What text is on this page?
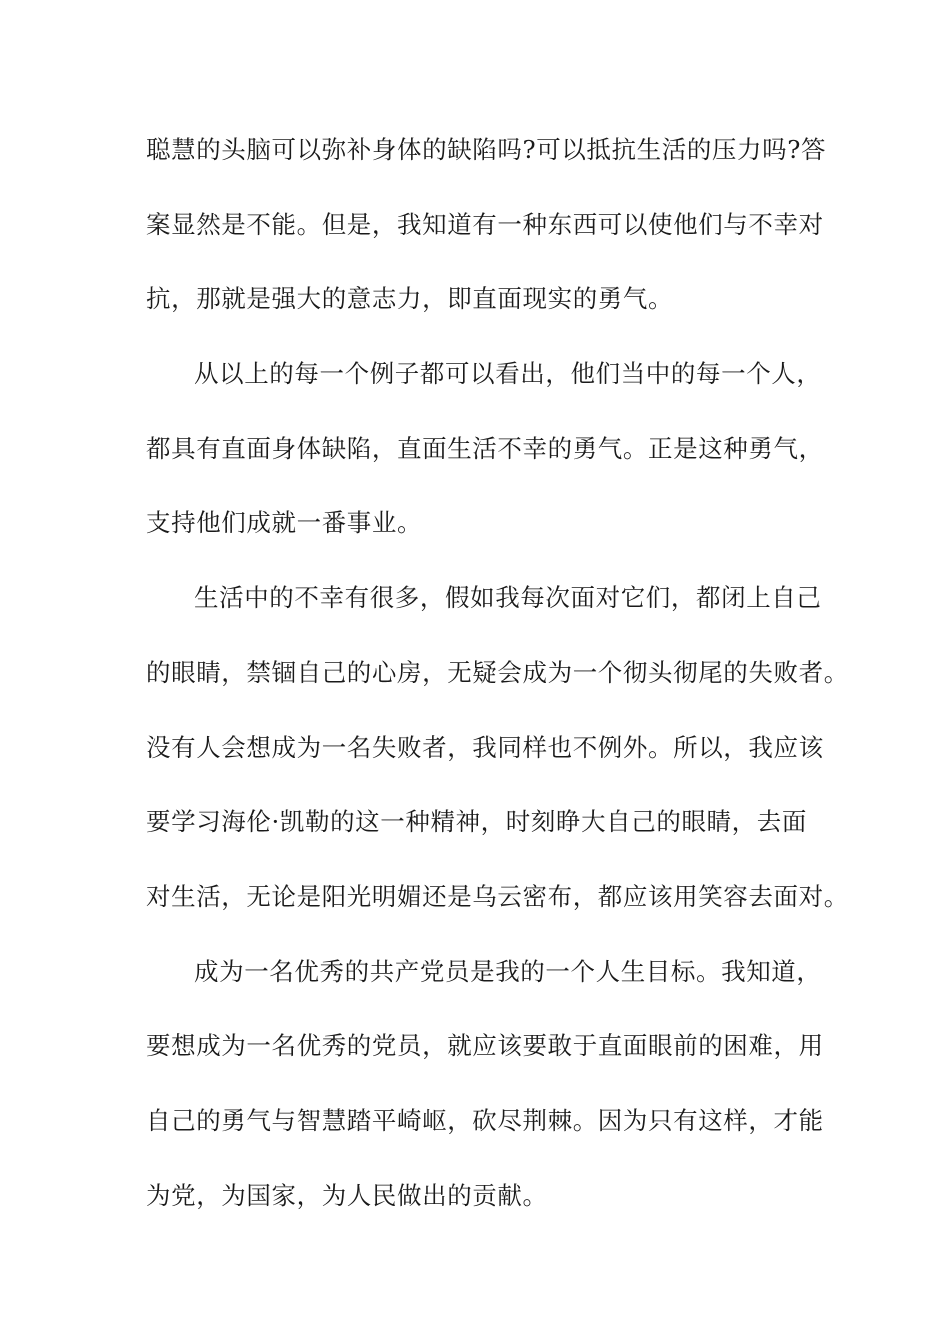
聪慧的头脑可以弥补身体的缺陷吗?可以抵抗生活的压力吗?答
案显然是不能。但是，我知道有一种东西可以使他们与不幸对
抗，那就是强大的意志力，即直面现实的勇气。
从以上的每一个例子都可以看出，他们当中的每一个人，
都具有直面身体缺陷，直面生活不幸的勇气。正是这种勇气，
支持他们成就一番事业。
生活中的不幸有很多，假如我每次面对它们，都闭上自己
的眼睛，禁锢自己的心房，无疑会成为一个彻头彻尾的失败者。
没有人会想成为一名失败者，我同样也不例外。所以，我应该
要学习海伦·凯勒的这一种精神，时刻睁大自己的眼睛，去面
对生活，无论是阳光明媚还是乌云密布，都应该用笑容去面对。
成为一名优秀的共产党员是我的一个人生目标。我知道，
要想成为一名优秀的党员，就应该要敢于直面眼前的困难，用
自己的勇气与智慧踏平崎岖，砍尽荆棘。因为只有这样，才能
为党，为国家，为人民做出的贡献。
